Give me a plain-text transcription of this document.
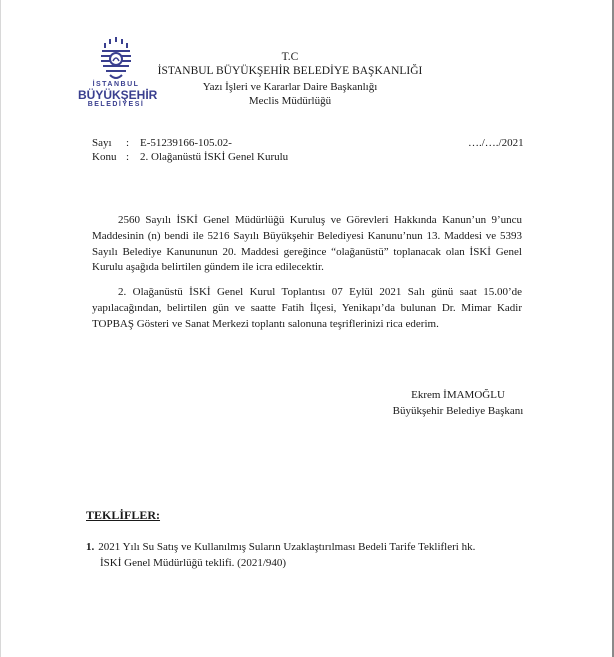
İSTANBUL
BÜYÜKŞEHİR
BELEDİYESİ
T.C
İSTANBUL BÜYÜKŞEHİR BELEDİYE BAŞKANLIĞI
Yazı İşleri ve Kararlar Daire Başkanlığı
Meclis Müdürlüğü
Sayı : E-51239166-105.02-
Konu : 2. Olağanüstü İSKİ Genel Kurulu
…./…./2021

2560 Sayılı İSKİ Genel Müdürlüğü Kuruluş ve Görevleri Hakkında Kanun’un 9’uncu Maddesinin (n) bendi ile 5216 Sayılı Büyükşehir Belediyesi Kanunu’nun 13. Maddesi ve 5393 Sayılı Belediye Kanununun 20. Maddesi gereğince “olağanüstü” toplanacak olan İSKİ Genel Kurulu aşağıda belirtilen gündem ile icra edilecektir.

2. Olağanüstü İSKİ Genel Kurul Toplantısı 07 Eylül 2021 Salı günü saat 15.00’de yapılacağından, belirtilen gün ve saatte Fatih İlçesi, Yenikapı’da bulunan Dr. Mimar Kadir TOPBAŞ Gösteri ve Sanat Merkezi toplantı salonuna teşriflerinizi rica ederim.

Ekrem İMAMOĞLU
Büyükşehir Belediye Başkanı
TEKLİFLER:
1. 2021 Yılı Su Satış ve Kullanılmış Suların Uzaklaştırılması Bedeli Tarife Teklifleri hk.
İSKİ Genel Müdürlüğü teklifi. (2021/940)
